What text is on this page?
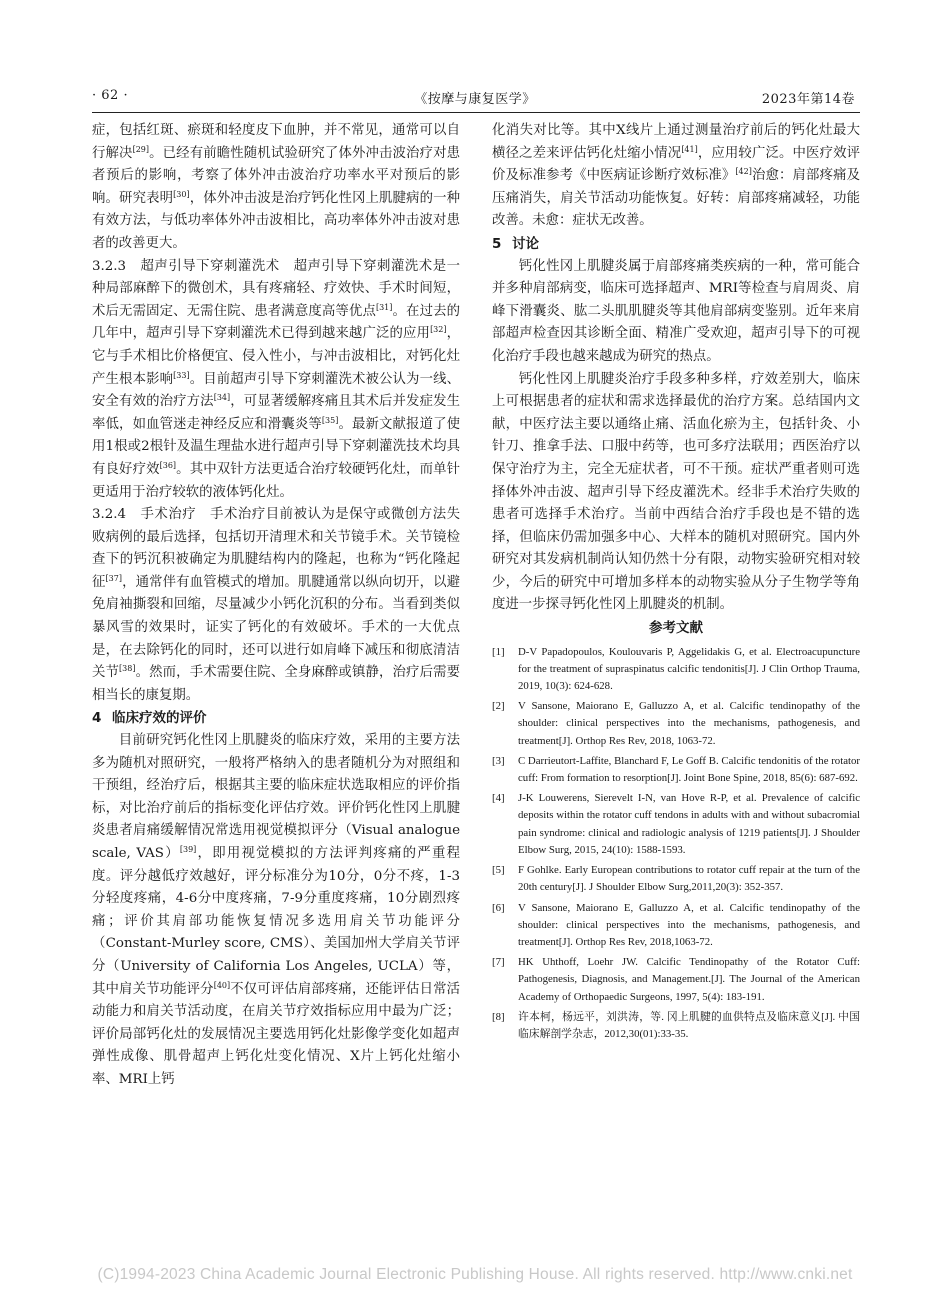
· 62 ·	《按摩与康复医学》	2023年第14卷

症，包括红斑、瘀斑和轻度皮下血肿，并不常见，通常可以自行解决[29]。已经有前瞻性随机试验研究了体外冲击波治疗对患者预后的影响，考察了体外冲击波治疗功率水平对预后的影响。研究表明[30]，体外冲击波是治疗钙化性冈上肌腱病的一种有效方法，与低功率体外冲击波相比，高功率体外冲击波对患者的改善更大。

3.2.3　超声引导下穿刺灌洗术　超声引导下穿刺灌洗术是一种局部麻醉下的微创术，具有疼痛轻、疗效快、手术时间短，术后无需固定、无需住院、患者满意度高等优点[31]。在过去的几年中，超声引导下穿刺灌洗术已得到越来越广泛的应用[32]，它与手术相比价格便宜、侵入性小，与冲击波相比，对钙化灶产生根本影响[33]。目前超声引导下穿刺灌洗术被公认为一线、安全有效的治疗方法[34]，可显著缓解疼痛且其术后并发症发生率低，如血管迷走神经反应和滑囊炎等[35]。最新文献报道了使用1根或2根针及温生理盐水进行超声引导下穿刺灌洗技术均具有良好疗效[36]。其中双针方法更适合治疗较硬钙化灶，而单针更适用于治疗较软的液体钙化灶。

3.2.4　手术治疗　手术治疗目前被认为是保守或微创方法失败病例的最后选择，包括切开清理术和关节镜手术。关节镜检查下的钙沉积被确定为肌腱结构内的隆起，也称为“钙化隆起征[37]，通常伴有血管模式的增加。肌腱通常以纵向切开，以避免肩袖撕裂和回缩，尽量减少小钙化沉积的分布。当看到类似暴风雪的效果时，证实了钙化的有效破坏。手术的一大优点是，在去除钙化的同时，还可以进行如肩峰下减压和彻底清洁关节[38]。然而，手术需要住院、全身麻醉或镇静，治疗后需要相当长的康复期。

4 临床疗效的评价

目前研究钙化性冈上肌腱炎的临床疗效，采用的主要方法多为随机对照研究，一般将严格纳入的患者随机分为对照组和干预组，经治疗后，根据其主要的临床症状选取相应的评价指标，对比治疗前后的指标变化评估疗效。评价钙化性冈上肌腱炎患者肩痛缓解情况常选用视觉模拟评分（Visual analogue scale, VAS）[39]，即用视觉模拟的方法评判疼痛的严重程度。评分越低疗效越好，评分标准分为10分，0分不疼，1-3分轻度疼痛，4-6分中度疼痛，7-9分重度疼痛，10分剧烈疼痛；评价其肩部功能恢复情况多选用肩关节功能评分（Constant-Murley score, CMS）、美国加州大学肩关节评分（University of California Los Angeles, UCLA）等，其中肩关节功能评分[40]不仅可评估肩部疼痛，还能评估日常活动能力和肩关节活动度，在肩关节疗效指标应用中最为广泛；评价局部钙化灶的发展情况主要选用钙化灶影像学变化如超声弹性成像、肌骨超声上钙化灶变化情况、X片上钙化灶缩小率、MRI上钙

化消失对比等。其中X线片上通过测量治疗前后的钙化灶最大横径之差来评估钙化灶缩小情况[41]，应用较广泛。中医疗效评价及标准参考《中医病证诊断疗效标准》[42]治愈：肩部疼痛及压痛消失，肩关节活动功能恢复。好转：肩部疼痛减轻，功能改善。未愈：症状无改善。

5 讨论

钙化性冈上肌腱炎属于肩部疼痛类疾病的一种，常可能合并多种肩部病变，临床可选择超声、MRI等检查与肩周炎、肩峰下滑囊炎、肱二头肌肌腱炎等其他肩部病变鉴别。近年来肩部超声检查因其诊断全面、精准广受欢迎，超声引导下的可视化治疗手段也越来越成为研究的热点。

钙化性冈上肌腱炎治疗手段多种多样，疗效差别大，临床上可根据患者的症状和需求选择最优的治疗方案。总结国内文献，中医疗法主要以通络止痛、活血化瘀为主，包括针灸、小针刀、推拿手法、口服中药等，也可多疗法联用；西医治疗以保守治疗为主，完全无症状者，可不干预。症状严重者则可选择体外冲击波、超声引导下经皮灌洗术。经非手术治疗失败的患者可选择手术治疗。当前中西结合治疗手段也是不错的选择，但临床仍需加强多中心、大样本的随机对照研究。国内外研究对其发病机制尚认知仍然十分有限，动物实验研究相对较少，今后的研究中可增加多样本的动物实验从分子生物学等角度进一步探寻钙化性冈上肌腱炎的机制。

参考文献
[1]	D-V Papadopoulos, Koulouvaris P, Aggelidakis G, et al. Electroacupuncture for the treatment of supraspinatus calcific tendonitis[J]. J Clin Orthop Trauma, 2019, 10(3): 624-628.
[2]	V Sansone, Maiorano E, Galluzzo A, et al. Calcific tendinopathy of the shoulder: clinical perspectives into the mechanisms, pathogenesis, and treatment[J]. Orthop Res Rev, 2018, 1063-72.
[3]	C Darrieutort-Laffite, Blanchard F, Le Goff B. Calcific tendonitis of the rotator cuff: From formation to resorption[J]. Joint Bone Spine, 2018, 85(6): 687-692.
[4]	J-K Louwerens, Sierevelt I-N, van Hove R-P, et al. Prevalence of calcific deposits within the rotator cuff tendons in adults with and without subacromial pain syndrome: clinical and radiologic analysis of 1219 patients[J]. J Shoulder Elbow Surg, 2015, 24(10): 1588-1593.
[5]	F Gohlke. Early European contributions to rotator cuff repair at the turn of the 20th century[J]. J Shoulder Elbow Surg,2011,20(3): 352-357.
[6]	V Sansone, Maiorano E, Galluzzo A, et al. Calcific tendinopathy of the shoulder: clinical perspectives into the mechanisms, pathogenesis, and treatment[J]. Orthop Res Rev, 2018,1063-72.
[7]	HK Uhthoff, Loehr JW. Calcific Tendinopathy of the Rotator Cuff: Pathogenesis, Diagnosis, and Management.[J]. The Journal of the American Academy of Orthopaedic Surgeons, 1997, 5(4): 183-191.
[8]	许本柯，杨远平，刘洪涛，等. 冈上肌腱的血供特点及临床意义[J]. 中国临床解剖学杂志，2012,30(01):33-35.
(C)1994-2023 China Academic Journal Electronic Publishing House. All rights reserved. http://www.cnki.net
